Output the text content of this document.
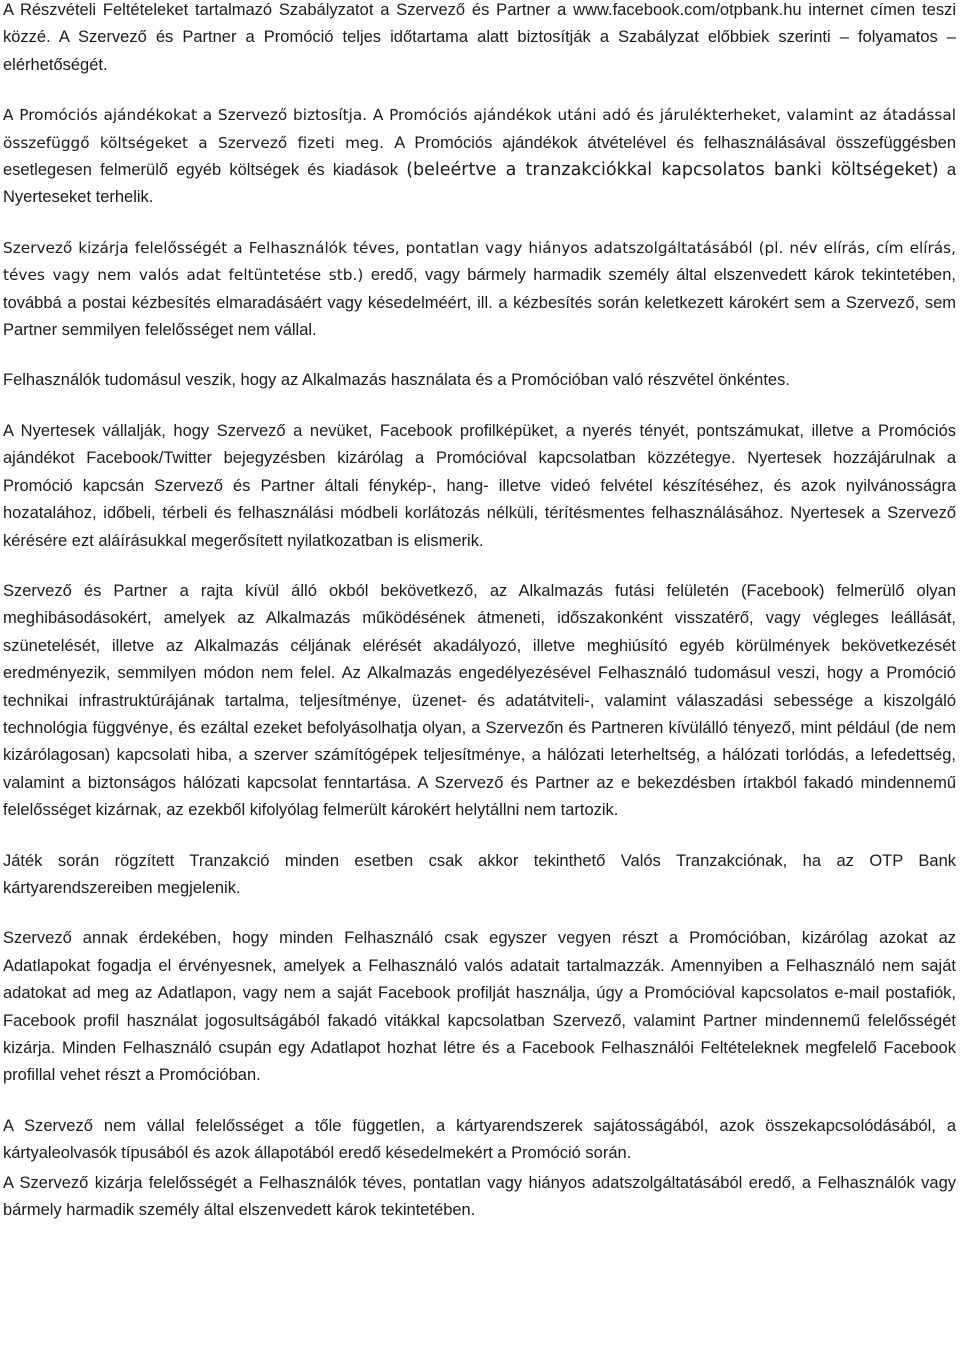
A Részvételi Feltételeket tartalmazó Szabályzatot a Szervező és Partner a www.facebook.com/otpbank.hu internet címen teszi közzé. A Szervező és Partner a Promóció teljes időtartama alatt biztosítják a Szabályzat előbbiek szerinti – folyamatos – elérhetőségét.

A Promóciós ajándékokat a Szervező biztosítja. A Promóciós ajándékok utáni adó és járulékterheket, valamint az átadással összefüggő költségeket a Szervező fizeti meg. A Promóciós ajándékok átvételével és felhasználásával összefüggésben esetlegesen felmerülő egyéb költségek és kiadások (beleértve a tranzakciókkal kapcsolatos banki költségeket) a Nyerteseket terhelik.

Szervező kizárja felelősségét a Felhasználók téves, pontatlan vagy hiányos adatszolgáltatásából (pl. név elírás, cím elírás, téves vagy nem valós adat feltüntetése stb.) eredő, vagy bármely harmadik személy által elszenvedett károk tekintetében, továbbá a postai kézbesítés elmaradásáért vagy késedelméért, ill. a kézbesítés során keletkezett károkért sem a Szervező, sem Partner semmilyen felelősséget nem vállal.

Felhasználók tudomásul veszik, hogy az Alkalmazás használata és a Promócióban való részvétel önkéntes.

A Nyertesek vállalják, hogy Szervező a nevüket, Facebook profilképüket, a nyerés tényét, pontszámukat, illetve a Promóciós ajándékot Facebook/Twitter bejegyzésben kizárólag a Promócióval kapcsolatban közzétegye. Nyertesek hozzájárulnak a Promóció kapcsán Szervező és Partner általi fénykép-, hang- illetve videó felvétel készítéséhez, és azok nyilvánosságra hozatalához, időbeli, térbeli és felhasználási módbeli korlátozás nélküli, térítésmentes felhasználásához. Nyertesek a Szervező kérésére ezt aláírásukkal megerősített nyilatkozatban is elismerik.

Szervező és Partner a rajta kívül álló okból bekövetkező, az Alkalmazás futási felületén (Facebook) felmerülő olyan meghibásodásokért, amelyek az Alkalmazás működésének átmeneti, időszakonként visszatérő, vagy végleges leállását, szünetelését, illetve az Alkalmazás céljának elérését akadályozó, illetve meghiúsító egyéb körülmények bekövetkezését eredményezik, semmilyen módon nem felel. Az Alkalmazás engedélyezésével Felhasználó tudomásul veszi, hogy a Promóció technikai infrastruktúrájának tartalma, teljesítménye, üzenet- és adatátviteli-, valamint válaszadási sebessége a kiszolgáló technológia függvénye, és ezáltal ezeket befolyásolhatja olyan, a Szervezőn és Partneren kívülálló tényező, mint például (de nem kizárólagosan) kapcsolati hiba, a szerver számítógépek teljesítménye, a hálózati leterheltség, a hálózati torlódás, a lefedettség, valamint a biztonságos hálózati kapcsolat fenntartása. A Szervező és Partner az e bekezdésben írtakból fakadó mindennemű felelősséget kizárnak, az ezekből kifolyólag felmerült károkért helytállni nem tartozik.

Játék során rögzített Tranzakció minden esetben csak akkor tekinthető Valós Tranzakciónak, ha az OTP Bank kártyarendszereiben megjelenik.

Szervező annak érdekében, hogy minden Felhasználó csak egyszer vegyen részt a Promócióban, kizárólag azokat az Adatlapokat fogadja el érvényesnek, amelyek a Felhasználó valós adatait tartalmazzák. Amennyiben a Felhasználó nem saját adatokat ad meg az Adatlapon, vagy nem a saját Facebook profilját használja, úgy a Promócióval kapcsolatos e-mail postafiók, Facebook profil használat jogosultságából fakadó vitákkal kapcsolatban Szervező, valamint Partner mindennemű felelősségét kizárja. Minden Felhasználó csupán egy Adatlapot hozhat létre és a Facebook Felhasználói Feltételeknek megfelelő Facebook profillal vehet részt a Promócióban.

A Szervező nem vállal felelősséget a tőle független, a kártyarendszerek sajátosságából, azok összekapcsolódásából, a kártyaleolvasók típusából és azok állapotából eredő késedelmekért a Promóció során.

A Szervező kizárja felelősségét a Felhasználók téves, pontatlan vagy hiányos adatszolgáltatásából eredő, a Felhasználók vagy bármely harmadik személy által elszenvedett károk tekintetében.
